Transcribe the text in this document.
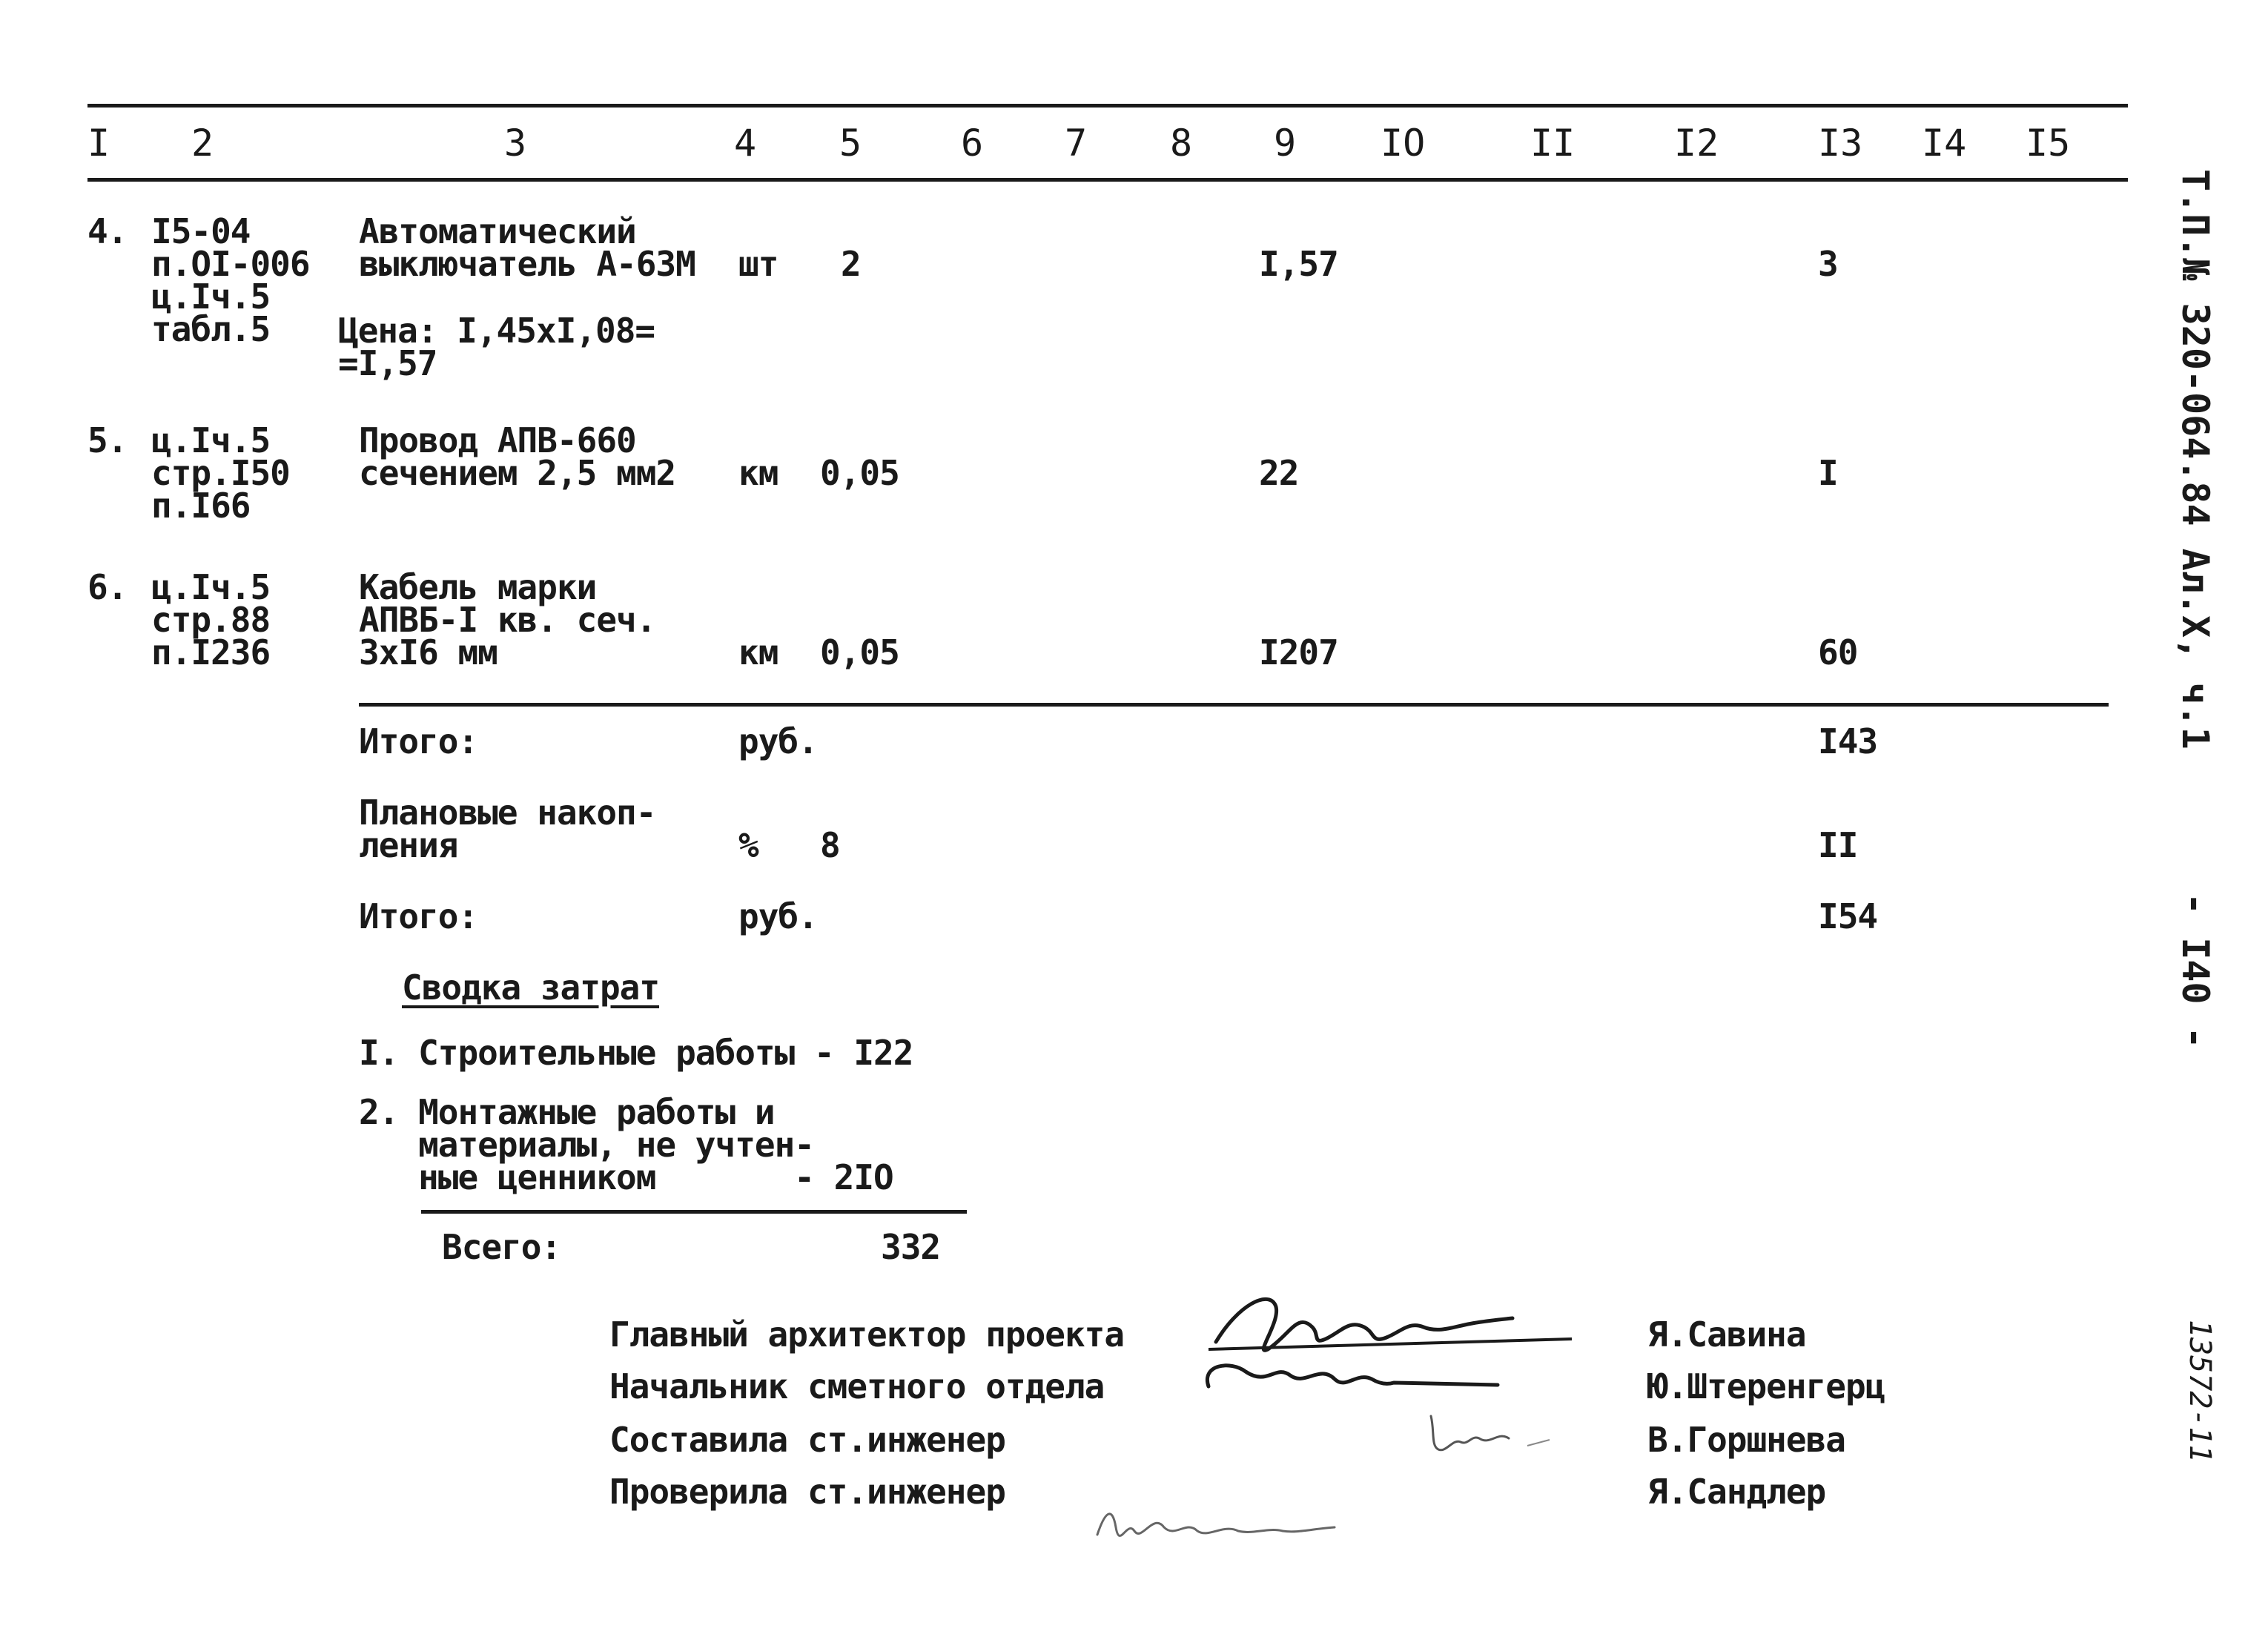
I 2	3	4 5	6 7 8 9 IO	II	I2	I3 I4 I5
4. I5-04
п.OI-006
ц.Iч.5
табл.5
Автоматический
выключатель А-63М
Цена: I,45xI,08=
=I,57
шт 2	I,57	3
5. ц.Iч.5
стр.I50
п.I66
Провод АПВ-660
сечением 2,5 мм2 км 0,05	22	I
6. ц.Iч.5
стр.88
п.I236
Кабель марки
АПВБ-I кв. сеч.
3xI6 мм	км 0,05	I207	60
Итого:	руб.	I43
Плановые накоп-
ления	% 8	II
Итого:	руб.	I54
Сводка затрат
I. Строительные работы - I22
2. Монтажные работы и
материалы, не учтен-
ные ценником       - 2IO
Всего:	332
Главный архитектор проекта	Я.Савина
Начальник сметного отдела	Ю.Штеренгерц
Составила ст.инженер	В.Горшнева
Проверила ст.инженер	Я.Сандлер
Т.П.№ 320-064.84 Ал.X, ч.1
- I40 -
13572-11
